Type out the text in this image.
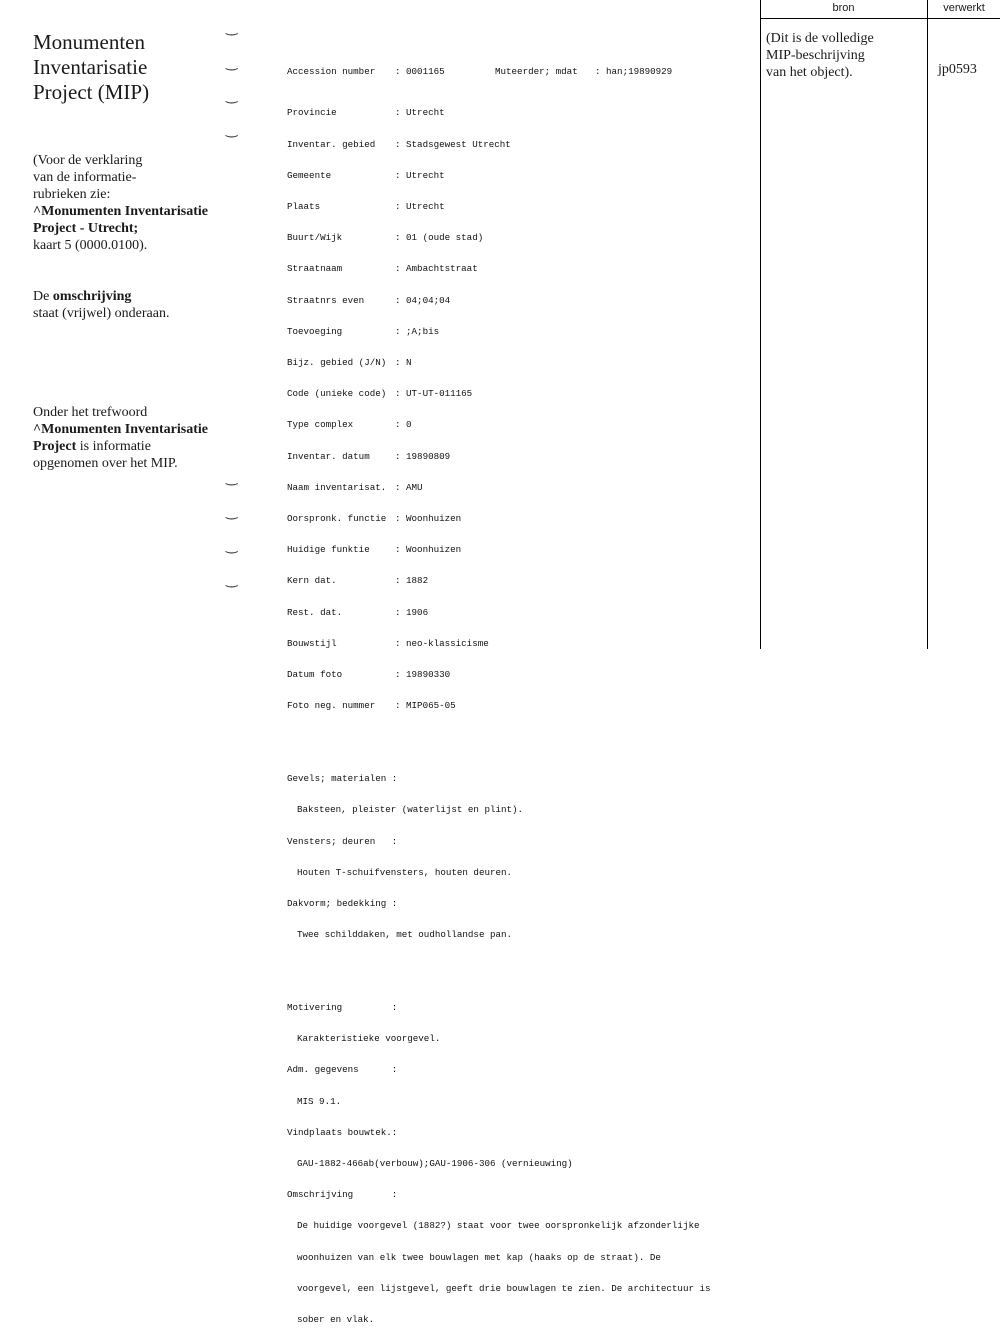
Monumenten
Inventarisatie
Project (MIP)
(Voor de verklaring
van de informatie-
rubrieken zie:
^Monumenten Inventarisatie
Project - Utrecht;
kaart 5 (0000.0100).
De omschrijving
staat (vrijwel) onderaan.
Onder het trefwoord
^Monumenten Inventarisatie
Project is informatie
opgenomen over het MIP.
‿
‿
‿
‿
‿
‿
‿
‿

Accession number : 0001165	Muteerder; mdat : han;19890929

Provincie	: Utrecht

Inventar. gebied : Stadsgewest Utrecht

Gemeente	: Utrecht

Plaats	: Utrecht

Buurt/Wijk	: 01 (oude stad)

Straatnaam	: Ambachtstraat

Straatnrs even	: 04;04;04

Toevoeging	: ;A;bis

Bijz. gebied (J/N) : N

Code (unieke code) : UT-UT-011165

Type complex	: 0

Inventar. datum	: 19890809

Naam inventarisat. : AMU

Oorspronk. functie : Woonhuizen

Huidige funktie	: Woonhuizen

Kern dat.	: 1882

Rest. dat.	: 1906

Bouwstijl	: neo-klassicisme

Datum foto	: 19890330

Foto neg. nummer : MIP065-05

Gevels; materialen :

Baksteen, pleister (waterlijst en plint).

Vensters; deuren   :

Houten T-schuifvensters, houten deuren.

Dakvorm; bedekking :

Twee schilddaken, met oudhollandse pan.

Motivering         :

Karakteristieke voorgevel.

Adm. gegevens      :

MIS 9.1.

Vindplaats bouwtek.:

GAU-1882-466ab(verbouw);GAU-1906-306 (vernieuwing)

Omschrijving       :

De huidige voorgevel (1882?) staat voor twee oorspronkelijk afzonderlijke

woonhuizen van elk twee bouwlagen met kap (haaks op de straat). De

voorgevel, een lijstgevel, geeft drie bouwlagen te zien. De architectuur is

sober en vlak.

bron	verwerkt
(Dit is de volledige
MIP-beschrijving
van het object).	jp0593
